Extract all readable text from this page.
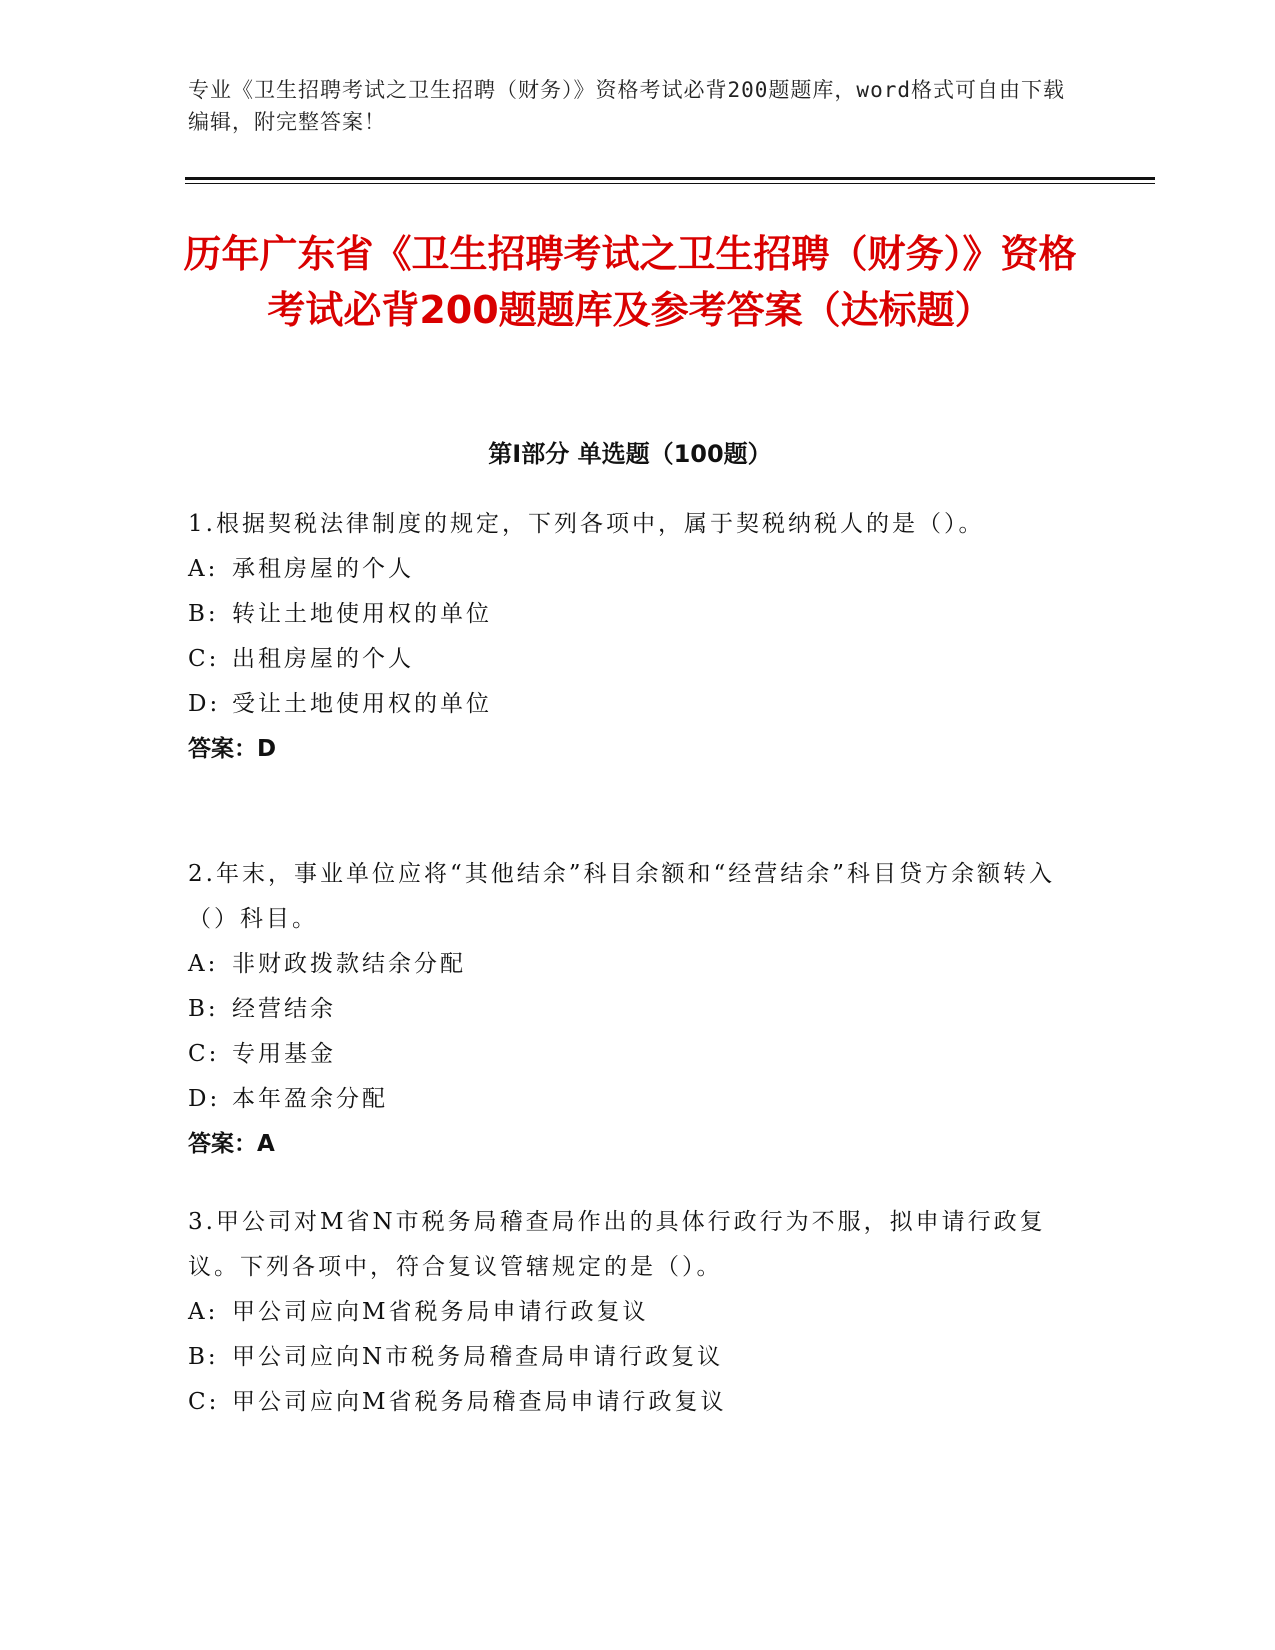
专业《卫生招聘考试之卫生招聘（财务）》资格考试必背200题题库，word格式可自由下载编辑，附完整答案！
历年广东省《卫生招聘考试之卫生招聘（财务）》资格考试必背200题题库及参考答案（达标题）
第Ⅰ部分 单选题（100题）

1.根据契税法律制度的规定，下列各项中，属于契税纳税人的是（）。

A: 承租房屋的个人

B: 转让土地使用权的单位

C: 出租房屋的个人

D: 受让土地使用权的单位

答案：D

2.年末，事业单位应将“其他结余”科目余额和“经营结余”科目贷方余额转入（）科目。

A: 非财政拨款结余分配

B: 经营结余

C: 专用基金

D: 本年盈余分配

答案：A

3.甲公司对M省N市税务局稽查局作出的具体行政行为不服，拟申请行政复议。下列各项中，符合复议管辖规定的是（）。

A: 甲公司应向M省税务局申请行政复议

B: 甲公司应向N市税务局稽查局申请行政复议

C: 甲公司应向M省税务局稽查局申请行政复议
